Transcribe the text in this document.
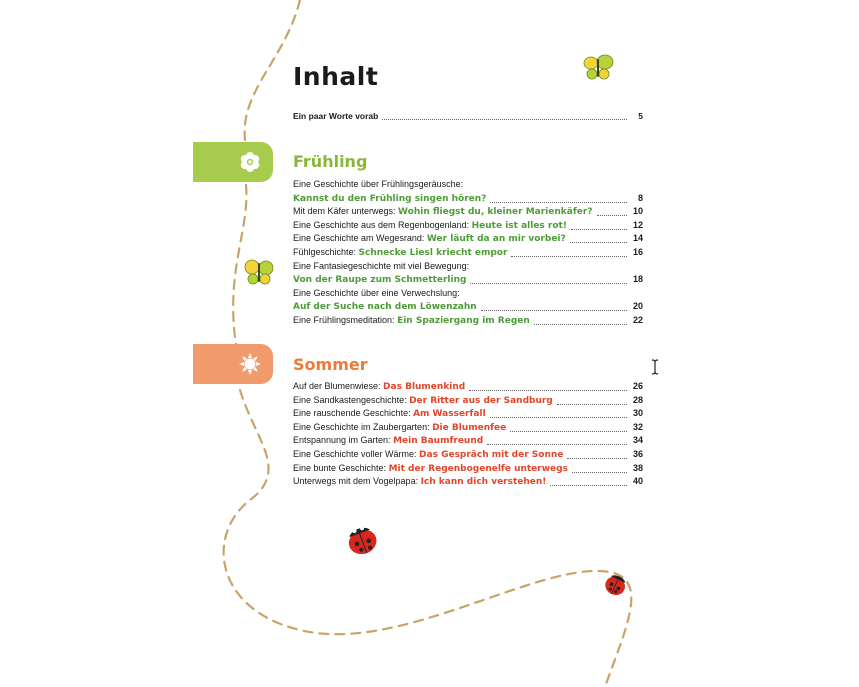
Inhalt
Ein paar Worte vorab	5
Frühling
Eine Geschichte über Frühlingsgeräusche:
Kannst du den Frühling singen hören?	8
Mit dem Käfer unterwegs: Wohin fliegst du, kleiner Marienkäfer?	10
Eine Geschichte aus dem Regenbogenland: Heute ist alles rot!	12
Eine Geschichte am Wegesrand: Wer läuft da an mir vorbei?	14
Fühlgeschichte: Schnecke Liesl kriecht empor	16
Eine Fantasiegeschichte mit viel Bewegung:
Von der Raupe zum Schmetterling	18
Eine Geschichte über eine Verwechslung:
Auf der Suche nach dem Löwenzahn	20
Eine Frühlingsmeditation: Ein Spaziergang im Regen	22
Sommer
Auf der Blumenwiese: Das Blumenkind	26
Eine Sandkastengeschichte: Der Ritter aus der Sandburg	28
Eine rauschende Geschichte: Am Wasserfall	30
Eine Geschichte im Zaubergarten: Die Blumenfee	32
Entspannung im Garten: Mein Baumfreund	34
Eine Geschichte voller Wärme: Das Gespräch mit der Sonne	36
Eine bunte Geschichte: Mit der Regenbogenelfe unterwegs	38
Unterwegs mit dem Vogelpapa: Ich kann dich verstehen!	40
